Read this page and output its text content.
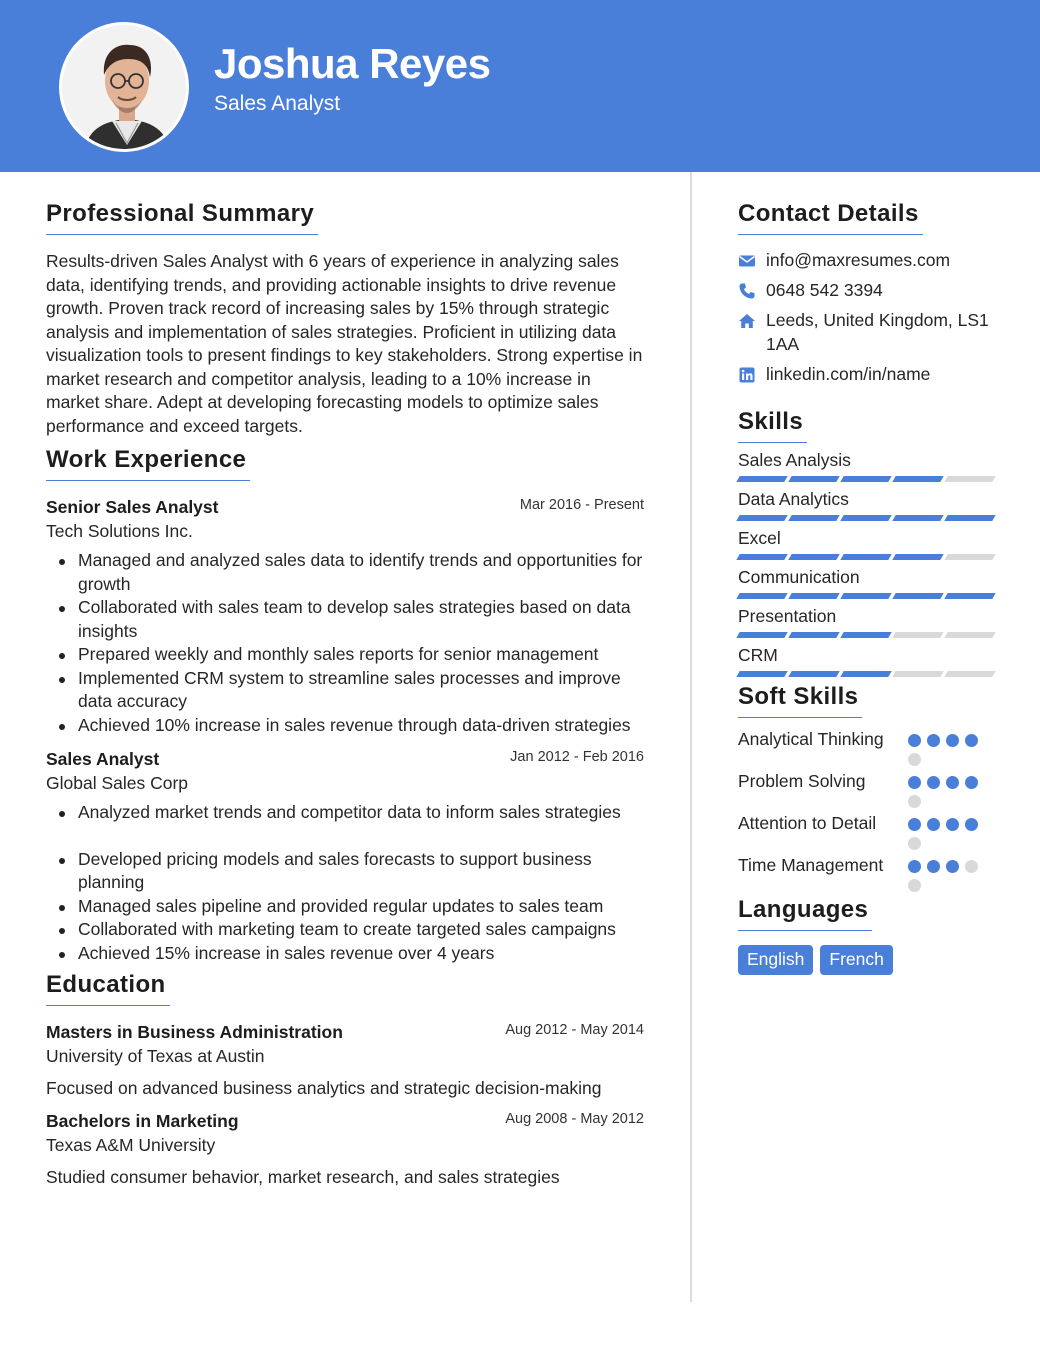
Joshua Reyes
Sales Analyst
Professional Summary

Results-driven Sales Analyst with 6 years of experience in analyzing sales data, identifying trends, and providing actionable insights to drive revenue growth. Proven track record of increasing sales by 15% through strategic analysis and implementation of sales strategies. Proficient in utilizing data visualization tools to present findings to key stakeholders. Strong expertise in market research and competitor analysis, leading to a 10% increase in market share. Adept at developing forecasting models to optimize sales performance and exceed targets.

Work Experience
Senior Sales Analyst	Mar 2016 - Present
Tech Solutions Inc.
Managed and analyzed sales data to identify trends and opportunities for growth
Collaborated with sales team to develop sales strategies based on data insights
Prepared weekly and monthly sales reports for senior management
Implemented CRM system to streamline sales processes and improve data accuracy
Achieved 10% increase in sales revenue through data-driven strategies
Sales Analyst	Jan 2012 - Feb 2016
Global Sales Corp
Analyzed market trends and competitor data to inform sales strategies
Developed pricing models and sales forecasts to support business planning
Managed sales pipeline and provided regular updates to sales team
Collaborated with marketing team to create targeted sales campaigns
Achieved 15% increase in sales revenue over 4 years
Education
Masters in Business Administration	Aug 2012 - May 2014
University of Texas at Austin
Focused on advanced business analytics and strategic decision-making
Bachelors in Marketing	Aug 2008 - May 2012
Texas A&M University
Studied consumer behavior, market research, and sales strategies
Contact Details
info@maxresumes.com
0648 542 3394
Leeds, United Kingdom, LS1 1AA
linkedin.com/in/name
Skills
Sales Analysis
Data Analytics
Excel
Communication
Presentation
CRM
Soft Skills
Analytical Thinking
Problem Solving
Attention to Detail
Time Management
Languages
English	French
